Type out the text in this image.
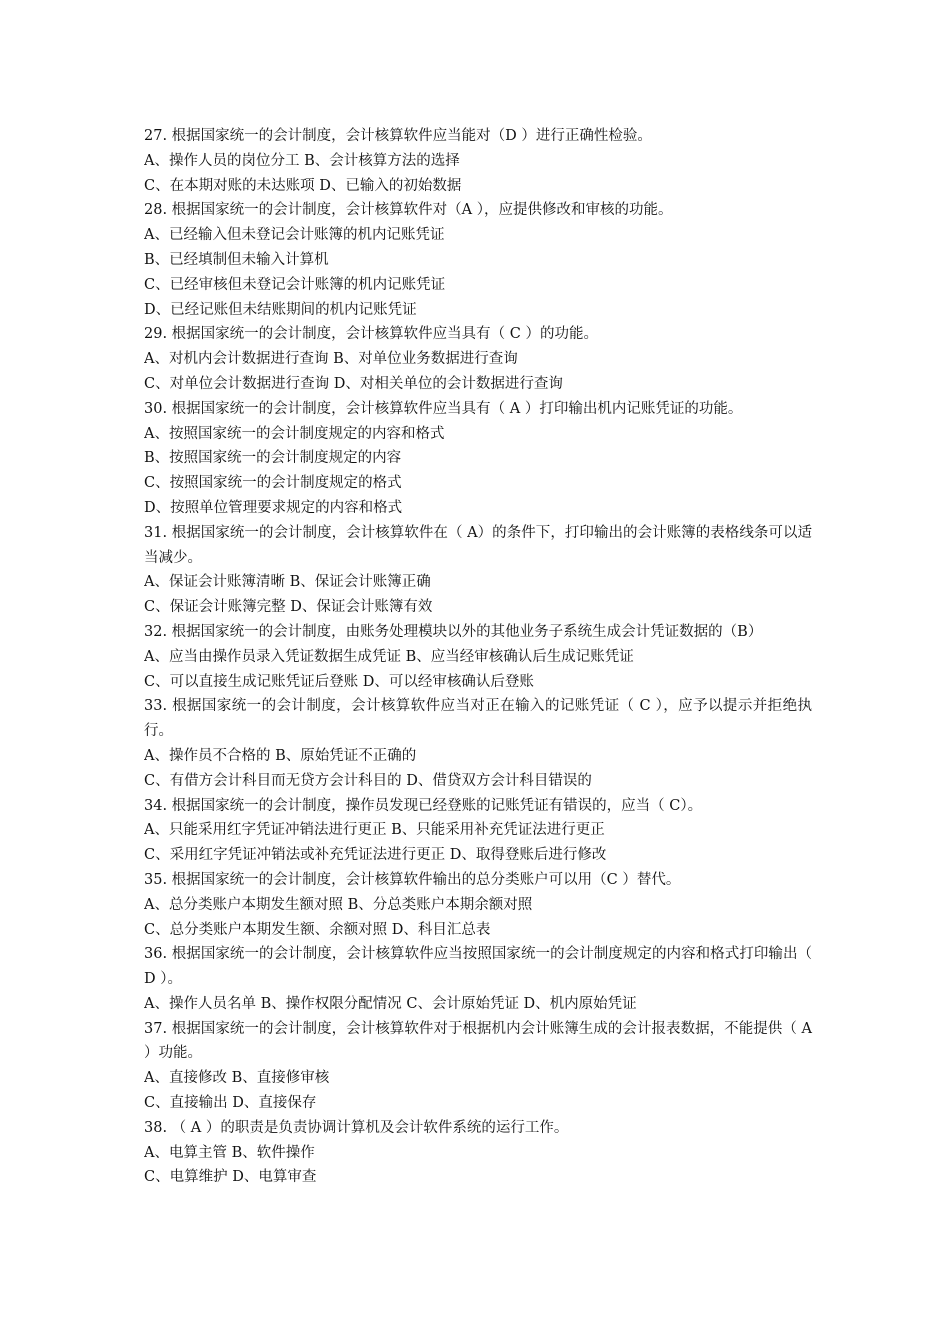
27. 根据国家统一的会计制度，会计核算软件应当能对（D ）进行正确性检验。
A、操作人员的岗位分工 B、会计核算方法的选择
C、在本期对账的未达账项 D、已输入的初始数据
28. 根据国家统一的会计制度，会计核算软件对（A ），应提供修改和审核的功能。
A、已经输入但未登记会计账簿的机内记账凭证
B、已经填制但未输入计算机
C、已经审核但未登记会计账簿的机内记账凭证
D、已经记账但未结账期间的机内记账凭证
29. 根据国家统一的会计制度，会计核算软件应当具有（ C ）的功能。
A、对机内会计数据进行查询 B、对单位业务数据进行查询
C、对单位会计数据进行查询 D、对相关单位的会计数据进行查询
30. 根据国家统一的会计制度，会计核算软件应当具有（ A ）打印输出机内记账凭证的功能。
A、按照国家统一的会计制度规定的内容和格式
B、按照国家统一的会计制度规定的内容
C、按照国家统一的会计制度规定的格式
D、按照单位管理要求规定的内容和格式
31. 根据国家统一的会计制度，会计核算软件在（ A）的条件下，打印输出的会计账簿的表格线条可以适当减少。
A、保证会计账簿清晰 B、保证会计账簿正确
C、保证会计账簿完整 D、保证会计账簿有效
32. 根据国家统一的会计制度，由账务处理模块以外的其他业务子系统生成会计凭证数据的（B）
A、应当由操作员录入凭证数据生成凭证 B、应当经审核确认后生成记账凭证
C、可以直接生成记账凭证后登账 D、可以经审核确认后登账
33. 根据国家统一的会计制度，会计核算软件应当对正在输入的记账凭证（ C ），应予以提示并拒绝执行。
A、操作员不合格的 B、原始凭证不正确的
C、有借方会计科目而无贷方会计科目的 D、借贷双方会计科目错误的
34. 根据国家统一的会计制度，操作员发现已经登账的记账凭证有错误的，应当（ C）。
A、只能采用红字凭证冲销法进行更正 B、只能采用补充凭证法进行更正
C、采用红字凭证冲销法或补充凭证法进行更正 D、取得登账后进行修改
35. 根据国家统一的会计制度，会计核算软件输出的总分类账户可以用（C ）替代。
A、总分类账户本期发生额对照 B、分总类账户本期余额对照
C、总分类账户本期发生额、余额对照 D、科目汇总表
36. 根据国家统一的会计制度，会计核算软件应当按照国家统一的会计制度规定的内容和格式打印输出（ D ）。
A、操作人员名单 B、操作权限分配情况 C、会计原始凭证 D、机内原始凭证
37. 根据国家统一的会计制度，会计核算软件对于根据机内会计账簿生成的会计报表数据，不能提供（ A ）功能。
A、直接修改 B、直接修审核
C、直接输出 D、直接保存
38. （ A ）的职责是负责协调计算机及会计软件系统的运行工作。
A、电算主管 B、软件操作
C、电算维护 D、电算审查
